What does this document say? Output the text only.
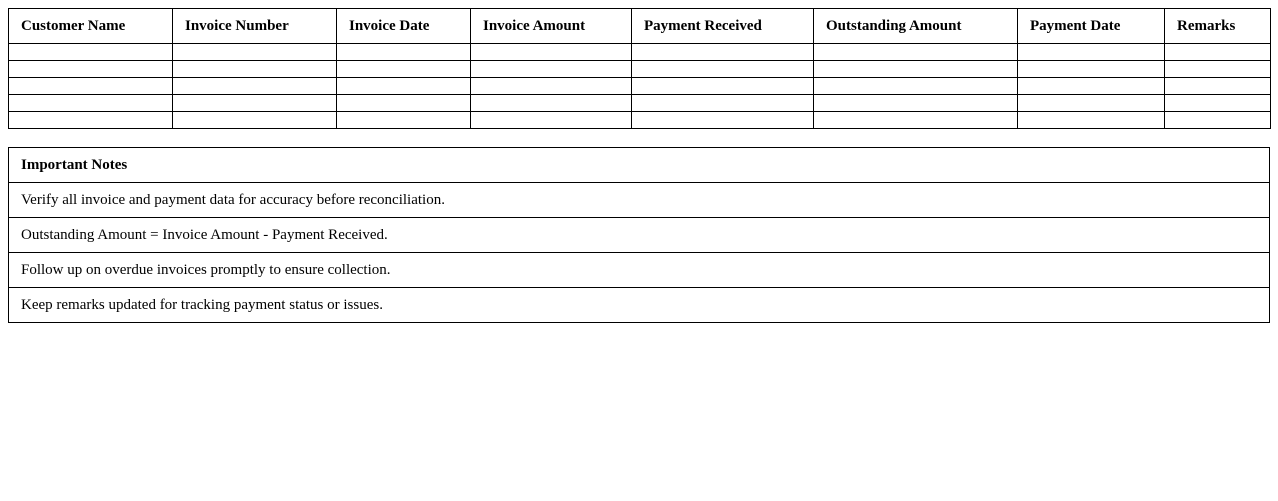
Customer Name	Invoice Number	Invoice Date	Invoice Amount	Payment Received	Outstanding Amount	Payment Date	Remarks

Important Notes
Verify all invoice and payment data for accuracy before reconciliation.
Outstanding Amount = Invoice Amount - Payment Received.
Follow up on overdue invoices promptly to ensure collection.
Keep remarks updated for tracking payment status or issues.
